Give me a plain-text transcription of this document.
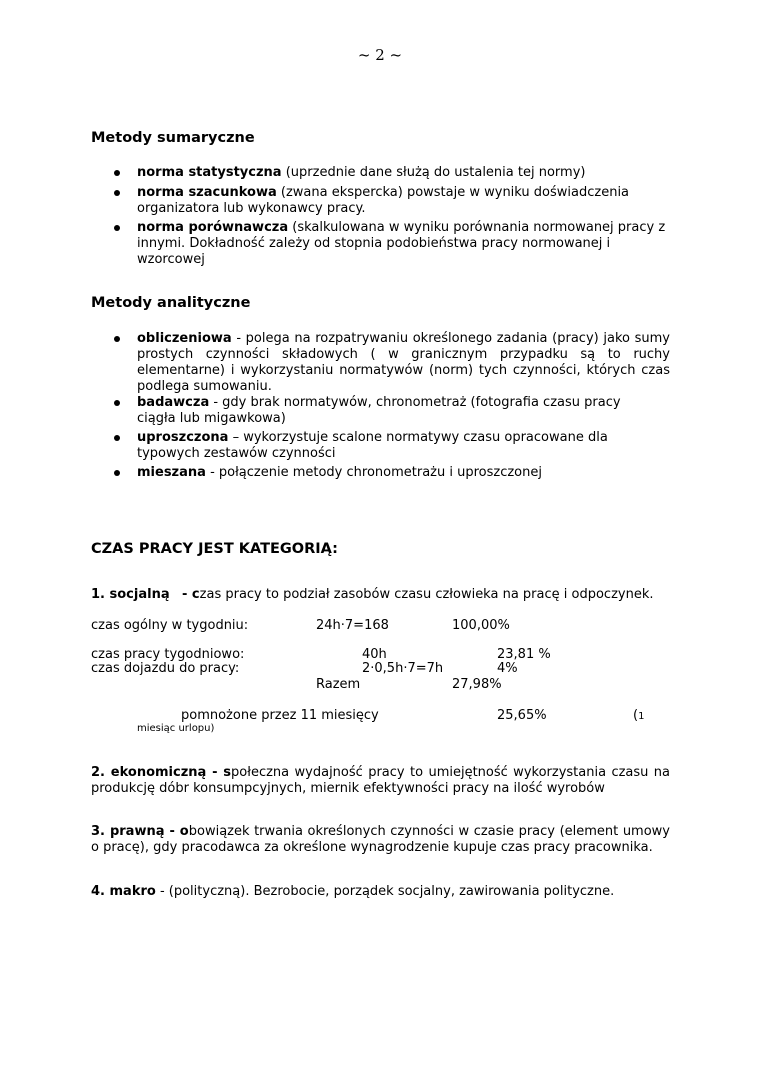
~ 2 ~
Metody sumaryczne
norma statystyczna (uprzednie dane służą do ustalenia tej normy)
norma szacunkowa (zwana ekspercka) powstaje w wyniku doświadczenia organizatora lub wykonawcy pracy.
norma porównawcza (skalkulowana w wyniku porównania normowanej pracy z innymi. Dokładność zależy od stopnia podobieństwa pracy normowanej i wzorcowej
Metody analityczne
obliczeniowa - polega na rozpatrywaniu określonego zadania (pracy) jako sumy prostych czynności składowych ( w granicznym przypadku są to ruchy elementarne) i wykorzystaniu normatywów (norm) tych czynności, których czas podlega sumowaniu.
badawcza - gdy brak normatywów, chronometraż (fotografia czasu pracy ciągła lub migawkowa)
uproszczona – wykorzystuje scalone normatywy czasu opracowane dla typowych zestawów czynności
mieszana - połączenie metody chronometrażu i uproszczonej
CZAS PRACY JEST KATEGORIĄ:
1. socjalną - czas pracy to podział zasobów czasu człowieka na pracę i odpoczynek.
czas ogólny w tygodniu:	24h·7=168	100,00%
czas pracy tygodniowo:	40h	23,81 %
czas dojazdu do pracy:	2·0,5h·7=7h	4%
Razem	27,98%
pomnożone przez 11 miesięcy	25,65%	(1
miesiąc urlopu)
2. ekonomiczną - społeczna wydajność pracy to umiejętność wykorzystania czasu na produkcję dóbr konsumpcyjnych, miernik efektywności pracy na ilość wyrobów
3. prawną - obowiązek trwania określonych czynności w czasie pracy (element umowy o pracę), gdy pracodawca za określone wynagrodzenie kupuje czas pracy pracownika.
4. makro - (polityczną). Bezrobocie, porządek socjalny, zawirowania polityczne.
